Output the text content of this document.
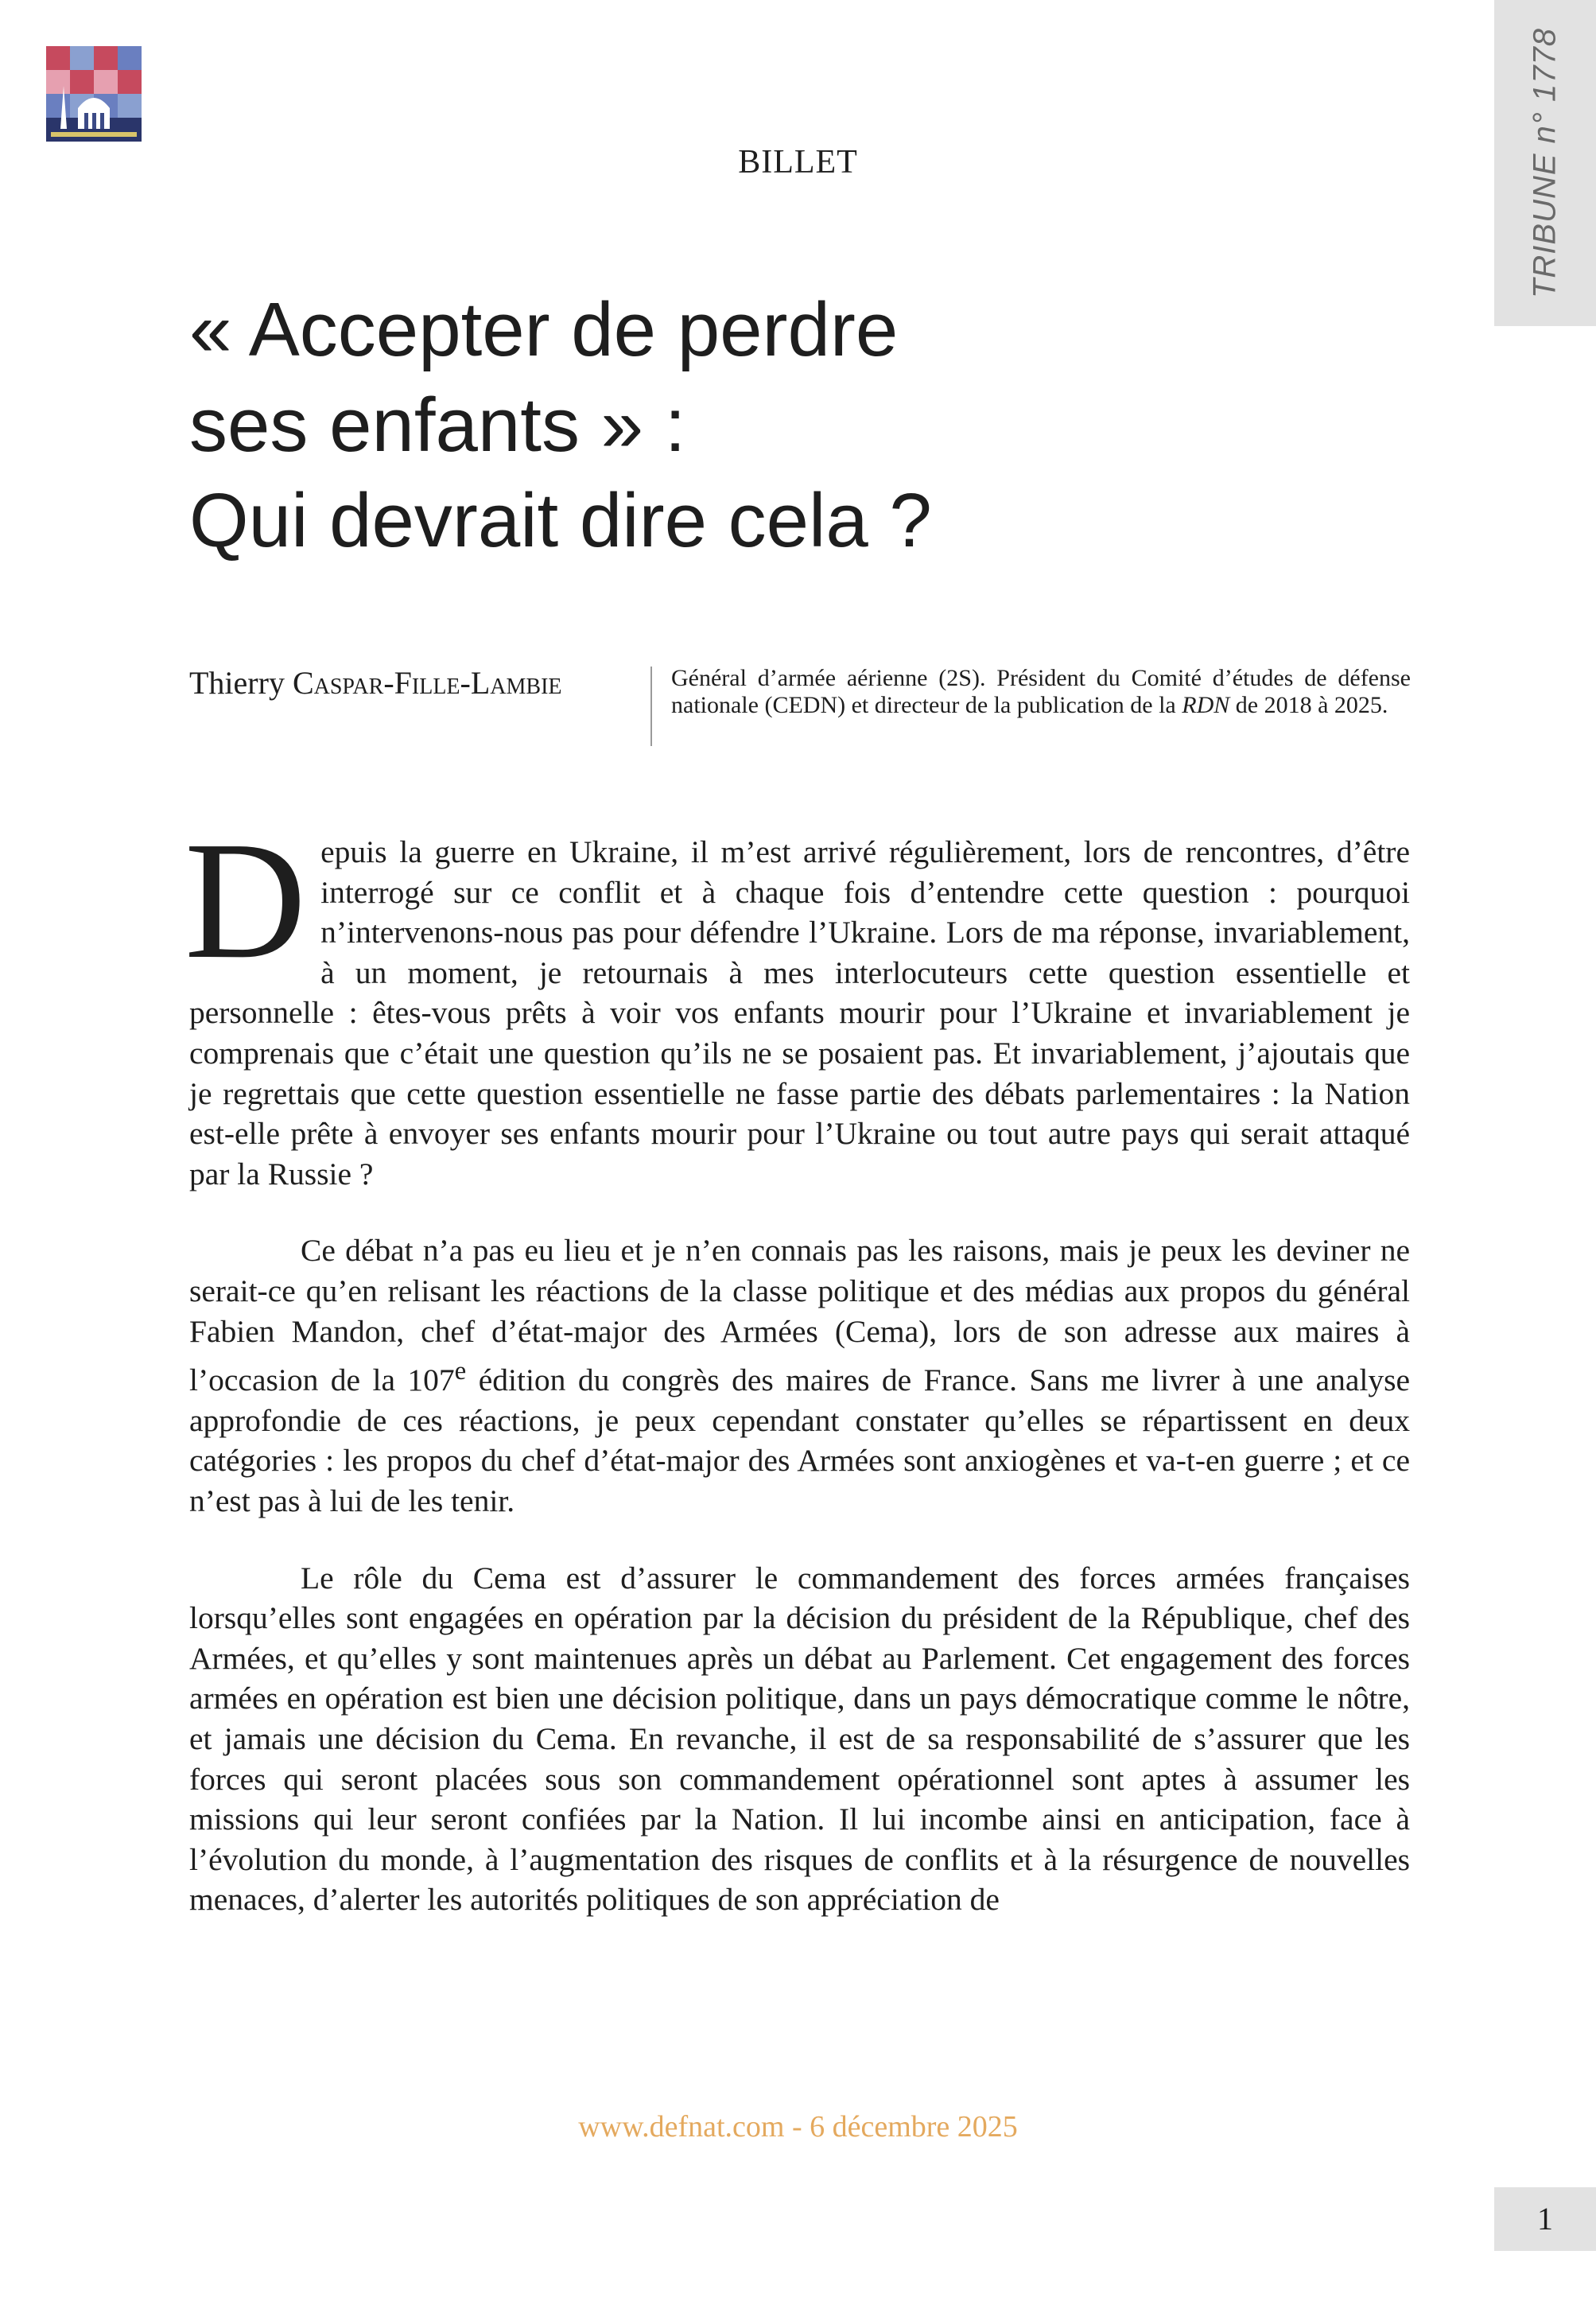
TRIBUNE n° 1778
BILLET
« Accepter de perdre
ses enfants » :
Qui devrait dire cela ?
Thierry Caspar-Fille-Lambie	Général d’armée aérienne (2S). Président du Comité d’études de défense nationale (CEDN) et directeur de la publication de la RDN de 2018 à 2025.

Depuis la guerre en Ukraine, il m’est arrivé régulièrement, lors de rencontres, d’être interrogé sur ce conflit et à chaque fois d’entendre cette question : pourquoi n’intervenons-nous pas pour défendre l’Ukraine. Lors de ma réponse, invariablement, à un moment, je retournais à mes interlocuteurs cette question essentielle et personnelle : êtes-vous prêts à voir vos enfants mourir pour l’Ukraine et invariablement je comprenais que c’était une question qu’ils ne se posaient pas. Et invariablement, j’ajoutais que je regrettais que cette question essentielle ne fasse partie des débats parlementaires : la Nation est-elle prête à envoyer ses enfants mourir pour l’Ukraine ou tout autre pays qui serait attaqué par la Russie ?

Ce débat n’a pas eu lieu et je n’en connais pas les raisons, mais je peux les deviner ne serait-ce qu’en relisant les réactions de la classe politique et des médias aux propos du général Fabien Mandon, chef d’état-major des Armées (Cema), lors de son adresse aux maires à l’occasion de la 107e édition du congrès des maires de France. Sans me livrer à une analyse approfondie de ces réactions, je peux cependant constater qu’elles se répartissent en deux catégories : les propos du chef d’état-major des Armées sont anxiogènes et va-t-en guerre ; et ce n’est pas à lui de les tenir.

Le rôle du Cema est d’assurer le commandement des forces armées françaises lorsqu’elles sont engagées en opération par la décision du président de la République, chef des Armées, et qu’elles y sont maintenues après un débat au Parlement. Cet engagement des forces armées en opération est bien une décision politique, dans un pays démocratique comme le nôtre, et jamais une décision du Cema. En revanche, il est de sa responsabilité de s’assurer que les forces qui seront placées sous son commandement opérationnel sont aptes à assumer les missions qui leur seront confiées par la Nation. Il lui incombe ainsi en anticipation, face à l’évolution du monde, à l’augmentation des risques de conflits et à la résurgence de nouvelles menaces, d’alerter les autorités politiques de son appréciation de

www.defnat.com - 6 décembre 2025
1
